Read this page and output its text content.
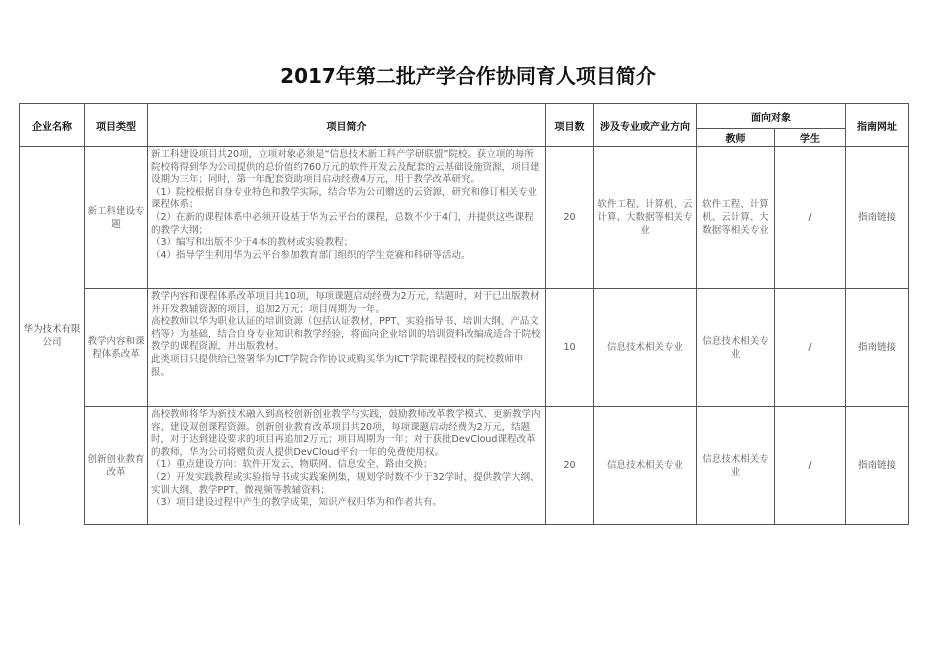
2017年第二批产学合作协同育人项目简介
企业名称	项目类型	项目简介	项目数	涉及专业或产业方向	面向对象		指南网址
					教师	学生	
华为技术有限公司	新工科建设专题	新工科建设项目共20项，立项对象必须是“信息技术新工科产学研联盟”院校。获立项的每所院校将得到华为公司提供的总价值约760万元的软件开发云及配套的云基础设施资源，项目建设期为三年；同时，第一年配套资助项目启动经费4万元，用于教学改革研究。
（1）院校根据自身专业特色和教学实际，结合华为公司赠送的云资源，研究和修订相关专业课程体系；
（2）在新的课程体系中必须开设基于华为云平台的课程，总数不少于4门，并提供这些课程的教学大纲；
（3）编写和出版不少于4本的教材或实验教程；
（4）指导学生利用华为云平台参加教育部门组织的学生竞赛和科研等活动。	20	软件工程、计算机、云计算、大数据等相关专业	软件工程、计算机、云计算、大数据等相关专业	/	指南链接
	教学内容和课程体系改革	教学内容和课程体系改革项目共10项，每项课题启动经费为2万元，结题时，对于已出版教材并开发教辅资源的项目，追加2万元；项目周期为一年。
高校教师以华为职业认证的培训资源（包括认证教材，PPT、实验指导书、培训大纲、产品文档等）为基础，结合自身专业知识和教学经验，将面向企业培训的培训资料改编成适合于院校教学的课程资源，并出版教材。
此类项目只提供给已签署华为ICT学院合作协议或购买华为ICT学院课程授权的院校教师申报。	10	信息技术相关专业	信息技术相关专业	/	指南链接
	创新创业教育改革	高校教师将华为新技术融入到高校创新创业教学与实践，鼓励教师改革教学模式、更新教学内容、建设双创课程资源。创新创业教育改革项目共20项，每项课题启动经费为2万元，结题时，对于达到建设要求的项目再追加2万元；项目周期为一年；对于获批DevCloud课程改革的教师，华为公司将赠负责人提供DevCloud平台一年的免费使用权。
（1）重点建设方向：软件开发云、物联网、信息安全、路由交换；
（2）开发实践教程或实验指导书或实践案例集，规划学时数不少于32学时，提供教学大纲、实训大纲、教学PPT、微视频等教辅资料；
（3）项目建设过程中产生的教学成果，知识产权归华为和作者共有。	20	信息技术相关专业	信息技术相关专业	/	指南链接
